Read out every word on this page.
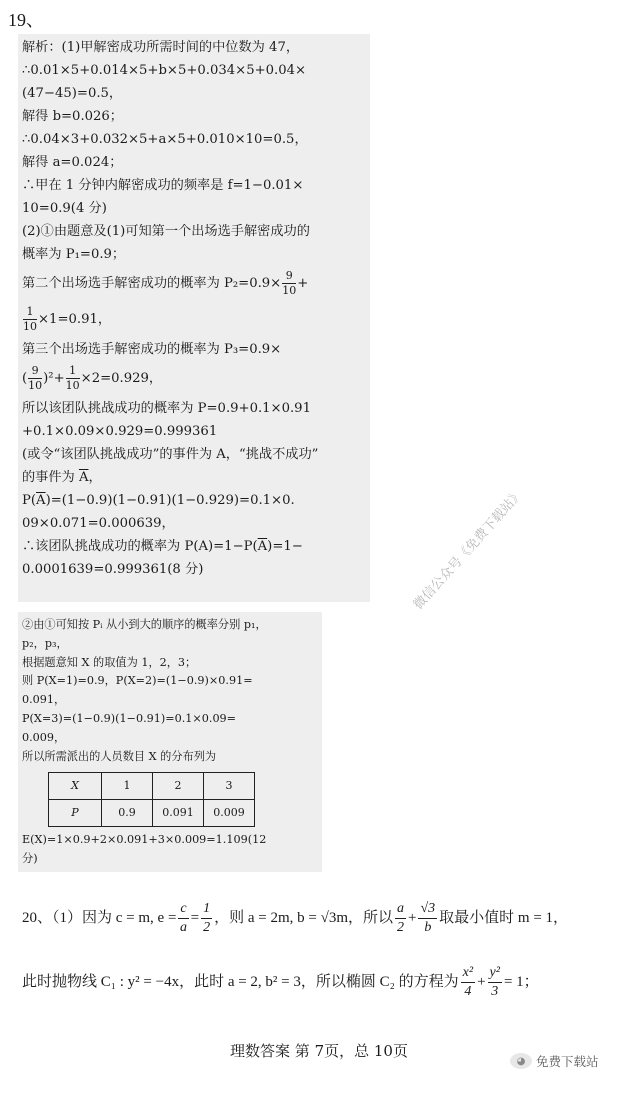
19、
解析：(1)甲解密成功所需时间的中位数为 47，
∴0.01×5+0.014×5+b×5+0.034×5+0.04×
(47−45)=0.5，
解得 b=0.026；
∴0.04×3+0.032×5+a×5+0.010×10=0.5，
解得 a=0.024；
∴甲在 1 分钟内解密成功的频率是 f=1−0.01×
10=0.9(4 分)
(2)①由题意及(1)可知第一个出场选手解密成功的
概率为 P₁=0.9；
第二个出场选手解密成功的概率为 $P_2=0.9\times \frac{9}{10}$ +
$\frac{1}{10} \times 1=0.91$，
第三个出场选手解密成功的概率为 P₃=0.9×
( $\frac{9}{10} )^2+ \frac{1}{10} \times 2=0.929$，
所以该团队挑战成功的概率为 P=0.9+0.1×0.91
+0.1×0.09×0.929=0.999361
(或令“该团队挑战成功”的事件为 A，“挑战不成功”
的事件为 $\overline{A}$，
$P(\overline{A})=(1-0.9)(1-0.91)(1-0.929)=0.1\times 0$.
09×0.071=0.000639，
∴该团队挑战成功的概率为 $P(A)=1-P(\overline{A})=1-$
0.0001639=0.999361(8 分)
②由①可知按 Pᵢ 从小到大的顺序的概率分别 p₁，
p₂，p₃，
根据题意知 X 的取值为 1，2，3；
则 P(X=1)=0.9，P(X=2)=(1−0.9)×0.91=
0.091，
P(X=3)=(1−0.9)(1−0.91)=0.1×0.09=
0.009，
所以所需派出的人员数目 X 的分布列为
X	1	2	3
P	0.9	0.091	0.009
E(X)=1×0.9+2×0.091+3×0.009=1.109(12
分)
微信公众号《免费下载站》
20、（1）因为 c = m, $e = \frac{c}{a} = \frac{1}{2}$ ，则 a = 2m, b = √3m，所以 $\frac{a}{2} + \frac{√3}{b}$ 取最小值时 m = 1，
此时抛物线 C₁ : y² = −4x，此时 a = 2, b² = 3，所以椭圆 C₂ 的方程为 $\frac{\text{x²}}{4} + \frac{\text{y²}}{3} = 1$；
理数答案 第 7页，总 10页
◕ 免费下载站
